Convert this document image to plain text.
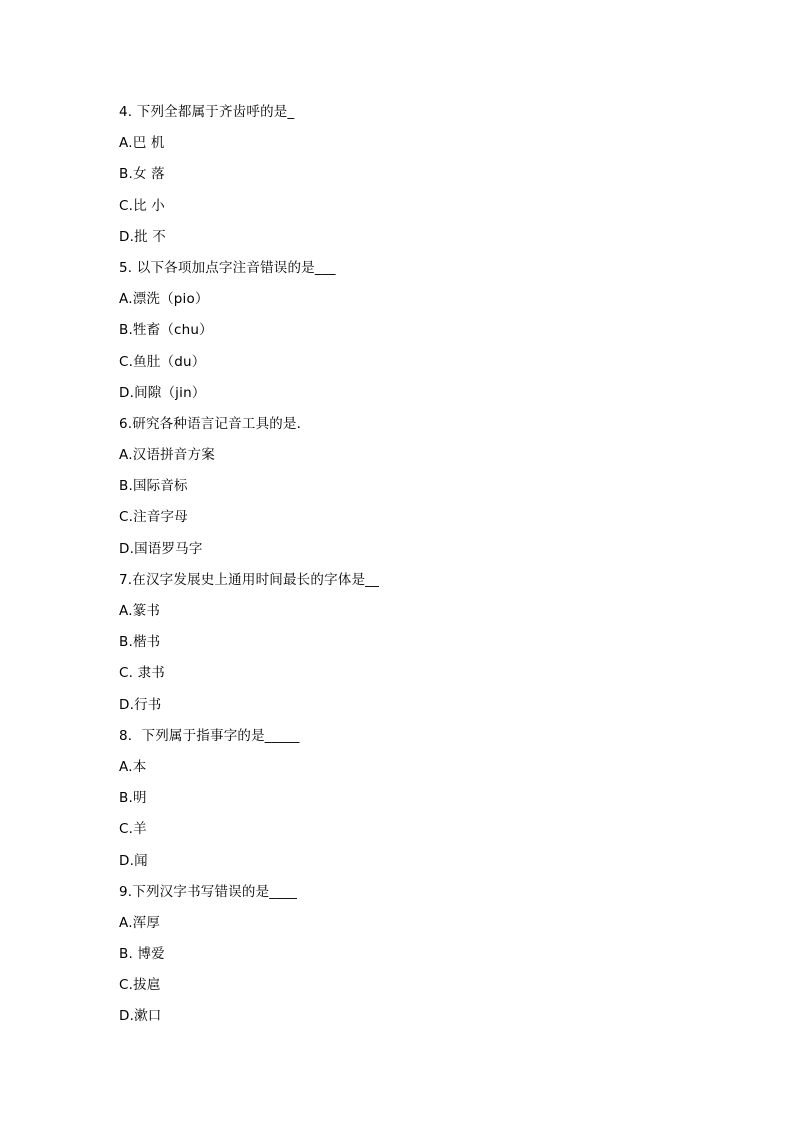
4. 下列全都属于齐齿呼的是_
A.巴 机
B.女 落
C.比 小
D.批 不
5. 以下各项加点字注音错误的是___
A.漂洗（pio）
B.牲畜（chu）
C.鱼肚（du）
D.间隙（jin）
6.研究各种语言记音工具的是.
A.汉语拼音方案
B.国际音标
C.注音字母
D.国语罗马字
7.在汉字发展史上通用时间最长的字体是__
A.篆书
B.楷书
C. 隶书
D.行书
8．下列属于指事字的是_____
A.本
B.明
C.羊
D.闻
9.下列汉字书写错误的是____
A.浑厚
B. 博爱
C.拔扈
D.漱口
